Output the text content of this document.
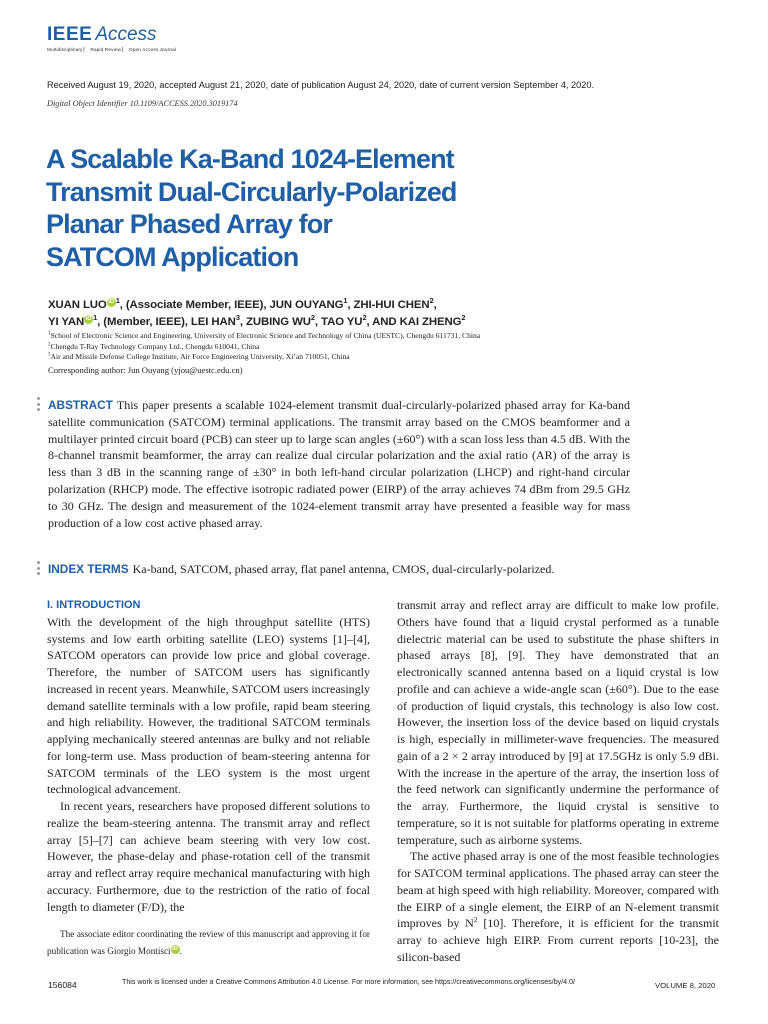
IEEE Access
Multidisciplinary ⎸ Rapid Review ⎸ Open Access Journal
Received August 19, 2020, accepted August 21, 2020, date of publication August 24, 2020, date of current version September 4, 2020.
Digital Object Identifier 10.1109/ACCESS.2020.3019174
A Scalable Ka-Band 1024-Element
Transmit Dual-Circularly-Polarized
Planar Phased Array for
SATCOM Application
XUAN LUO iD $^1$, (Associate Member, IEEE), JUN OUYANG$^1$, ZHI-HUI CHEN$^2$,
YI YAN iD $^1$, (Member, IEEE), LEI HAN$^3$, ZUBING $WU^2$, TAO $YU^2$, AND KAI ZHENG$^2$
$^1$School of Electronic Science and Engineering, University of Electronic Science and Technology of China (UESTC), Chengdu 611731, China
$^2$Chengdu T-Ray Technology Company Ltd., Chengdu 610041, China
$^3$Air and Missile Defense College Institute, Air Force Engineering University, Xi’an 710051, China
Corresponding author: Jun Ouyang (yjou@uestc.edu.cn)
ABSTRACT This paper presents a scalable 1024-element transmit dual-circularly-polarized phased array for Ka-band satellite communication (SATCOM) terminal applications. The transmit array based on the CMOS beamformer and a multilayer printed circuit board (PCB) can steer up to large scan angles (±60°) with a scan loss less than 4.5 dB. With the 8-channel transmit beamformer, the array can realize dual circular polarization and the axial ratio (AR) of the array is less than 3 dB in the scanning range of ±30° in both left-hand circular polarization (LHCP) and right-hand circular polarization (RHCP) mode. The effective isotropic radiated power (EIRP) of the array achieves 74 dBm from 29.5 GHz to 30 GHz. The design and measurement of the 1024-element transmit array have presented a feasible way for mass production of a low cost active phased array.
INDEX TERMS Ka-band, SATCOM, phased array, flat panel antenna, CMOS, dual-circularly-polarized.
I. INTRODUCTION

With the development of the high throughput satellite (HTS) systems and low earth orbiting satellite (LEO) systems [1]–[4], SATCOM operators can provide low price and global coverage. Therefore, the number of SATCOM users has significantly increased in recent years. Meanwhile, SATCOM users increasingly demand satellite terminals with a low profile, rapid beam steering and high reliability. However, the traditional SATCOM terminals applying mechanically steered antennas are bulky and not reliable for long-term use. Mass production of beam-steering antenna for SATCOM terminals of the LEO system is the most urgent technological advancement.

In recent years, researchers have proposed different solutions to realize the beam-steering antenna. The transmit array and reflect array [5]–[7] can achieve beam steering with very low cost. However, the phase-delay and phase-rotation cell of the transmit array and reflect array require mechanical manufacturing with high accuracy. Furthermore, due to the restriction of the ratio of focal length to diameter (F/D), the

transmit array and reflect array are difficult to make low profile. Others have found that a liquid crystal performed as a tunable dielectric material can be used to substitute the phase shifters in phased arrays [8], [9]. They have demonstrated that an electronically scanned antenna based on a liquid crystal is low profile and can achieve a wide-angle scan (±60°). Due to the ease of production of liquid crystals, this technology is also low cost. However, the insertion loss of the device based on liquid crystals is high, especially in millimeter-wave frequencies. The measured gain of a 2 × 2 array introduced by [9] at 17.5GHz is only 5.9 dBi. With the increase in the aperture of the array, the insertion loss of the feed network can significantly undermine the performance of the array. Furthermore, the liquid crystal is sensitive to temperature, so it is not suitable for platforms operating in extreme temperature, such as airborne systems.

The active phased array is one of the most feasible technologies for SATCOM terminal applications. The phased array can steer the beam at high speed with high reliability. Moreover, compared with the EIRP of a single element, the EIRP of an N-element transmit improves by $N^2$ [10]. Therefore, it is efficient for the transmit array to achieve high EIRP. From current reports [10-23], the silicon-based

The associate editor coordinating the review of this manuscript and approving it for publication was Giorgio Montisci iD .
156084	This work is licensed under a Creative Commons Attribution 4.0 License. For more information, see https://creativecommons.org/licenses/by/4.0/	VOLUME 8, 2020
